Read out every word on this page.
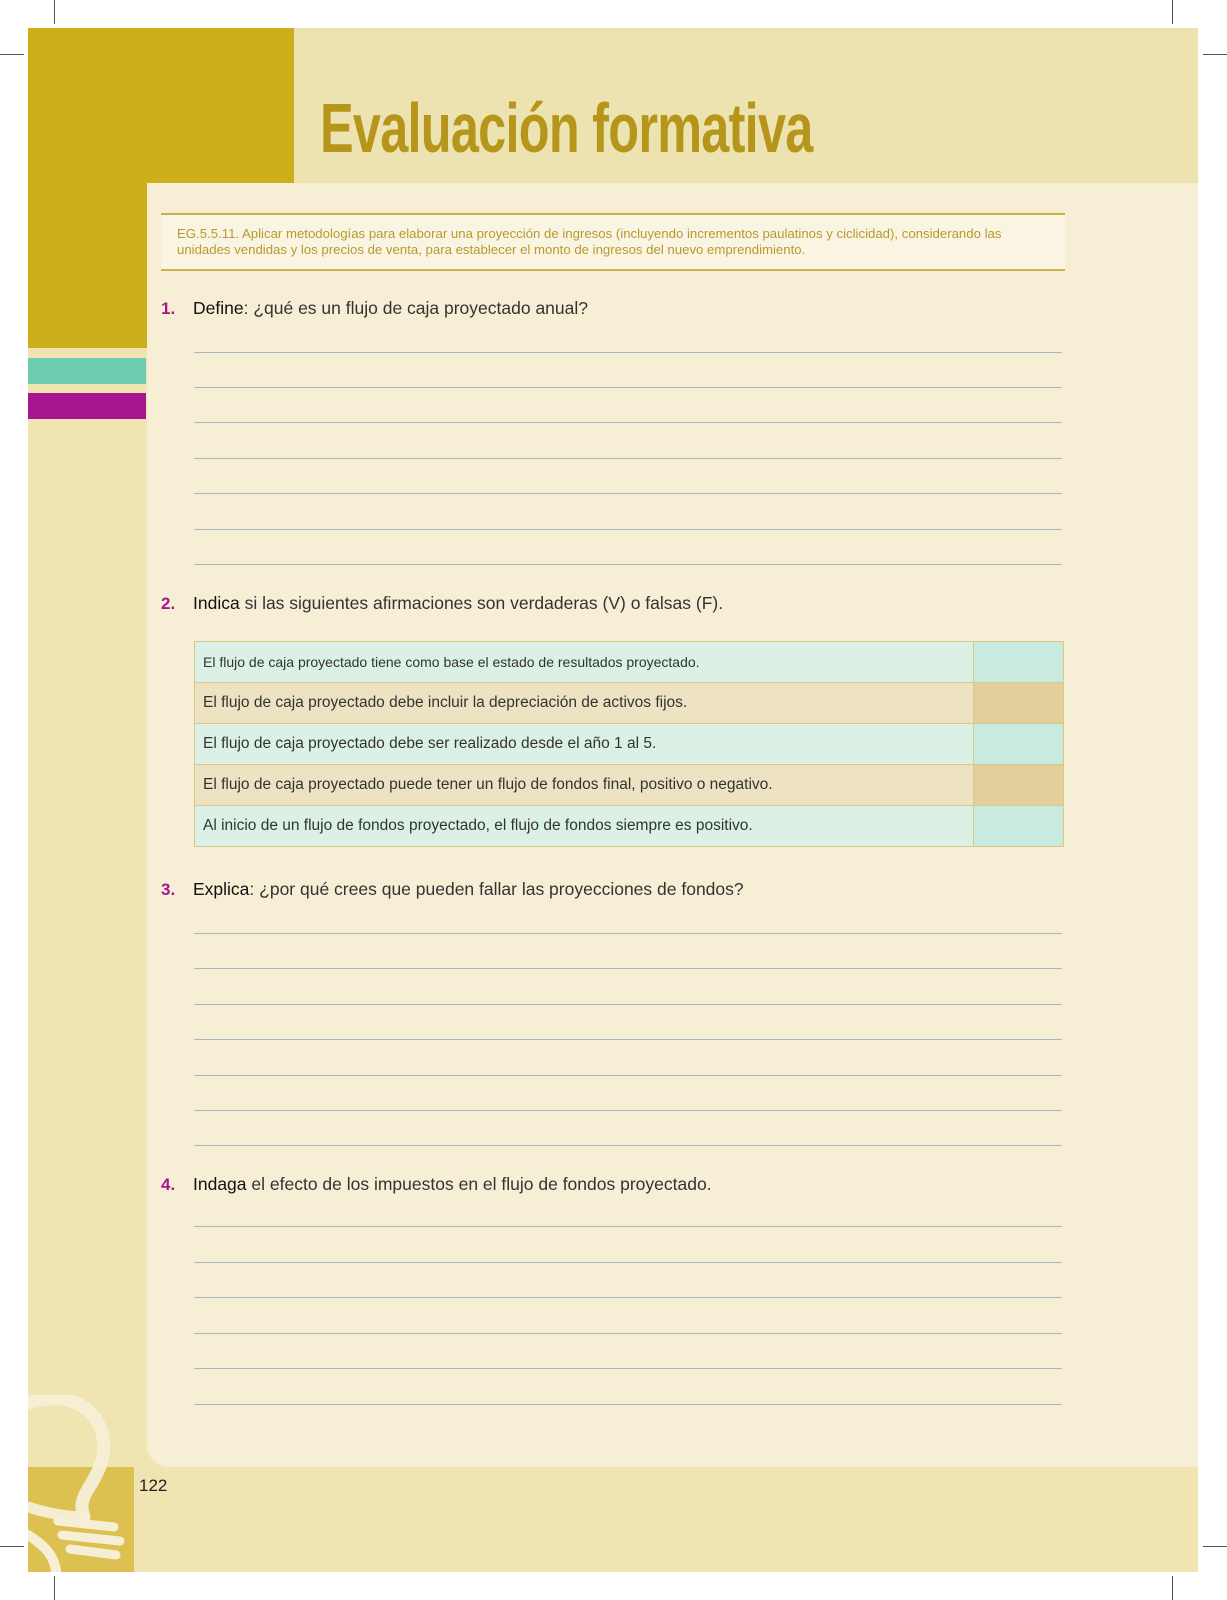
Evaluación formativa

EG.5.5.11. Aplicar metodologías para elaborar una proyección de ingresos (incluyendo incrementos paulatinos y ciclicidad), considerando las unidades vendidas y los precios de venta, para establecer el monto de ingresos del nuevo emprendimiento.

1. Define: ¿qué es un flujo de caja proyectado anual?
2. Indica si las siguientes afirmaciones son verdaderas (V) o falsas (F).
El flujo de caja proyectado tiene como base el estado de resultados proyectado.	
El flujo de caja proyectado debe incluir la depreciación de activos fijos.	
El flujo de caja proyectado debe ser realizado desde el año 1 al 5.	
El flujo de caja proyectado puede tener un flujo de fondos final, positivo o negativo.	
Al inicio de un flujo de fondos proyectado, el flujo de fondos siempre es positivo.	
3. Explica: ¿por qué crees que pueden fallar las proyecciones de fondos?
4. Indaga el efecto de los impuestos en el flujo de fondos proyectado.
122
